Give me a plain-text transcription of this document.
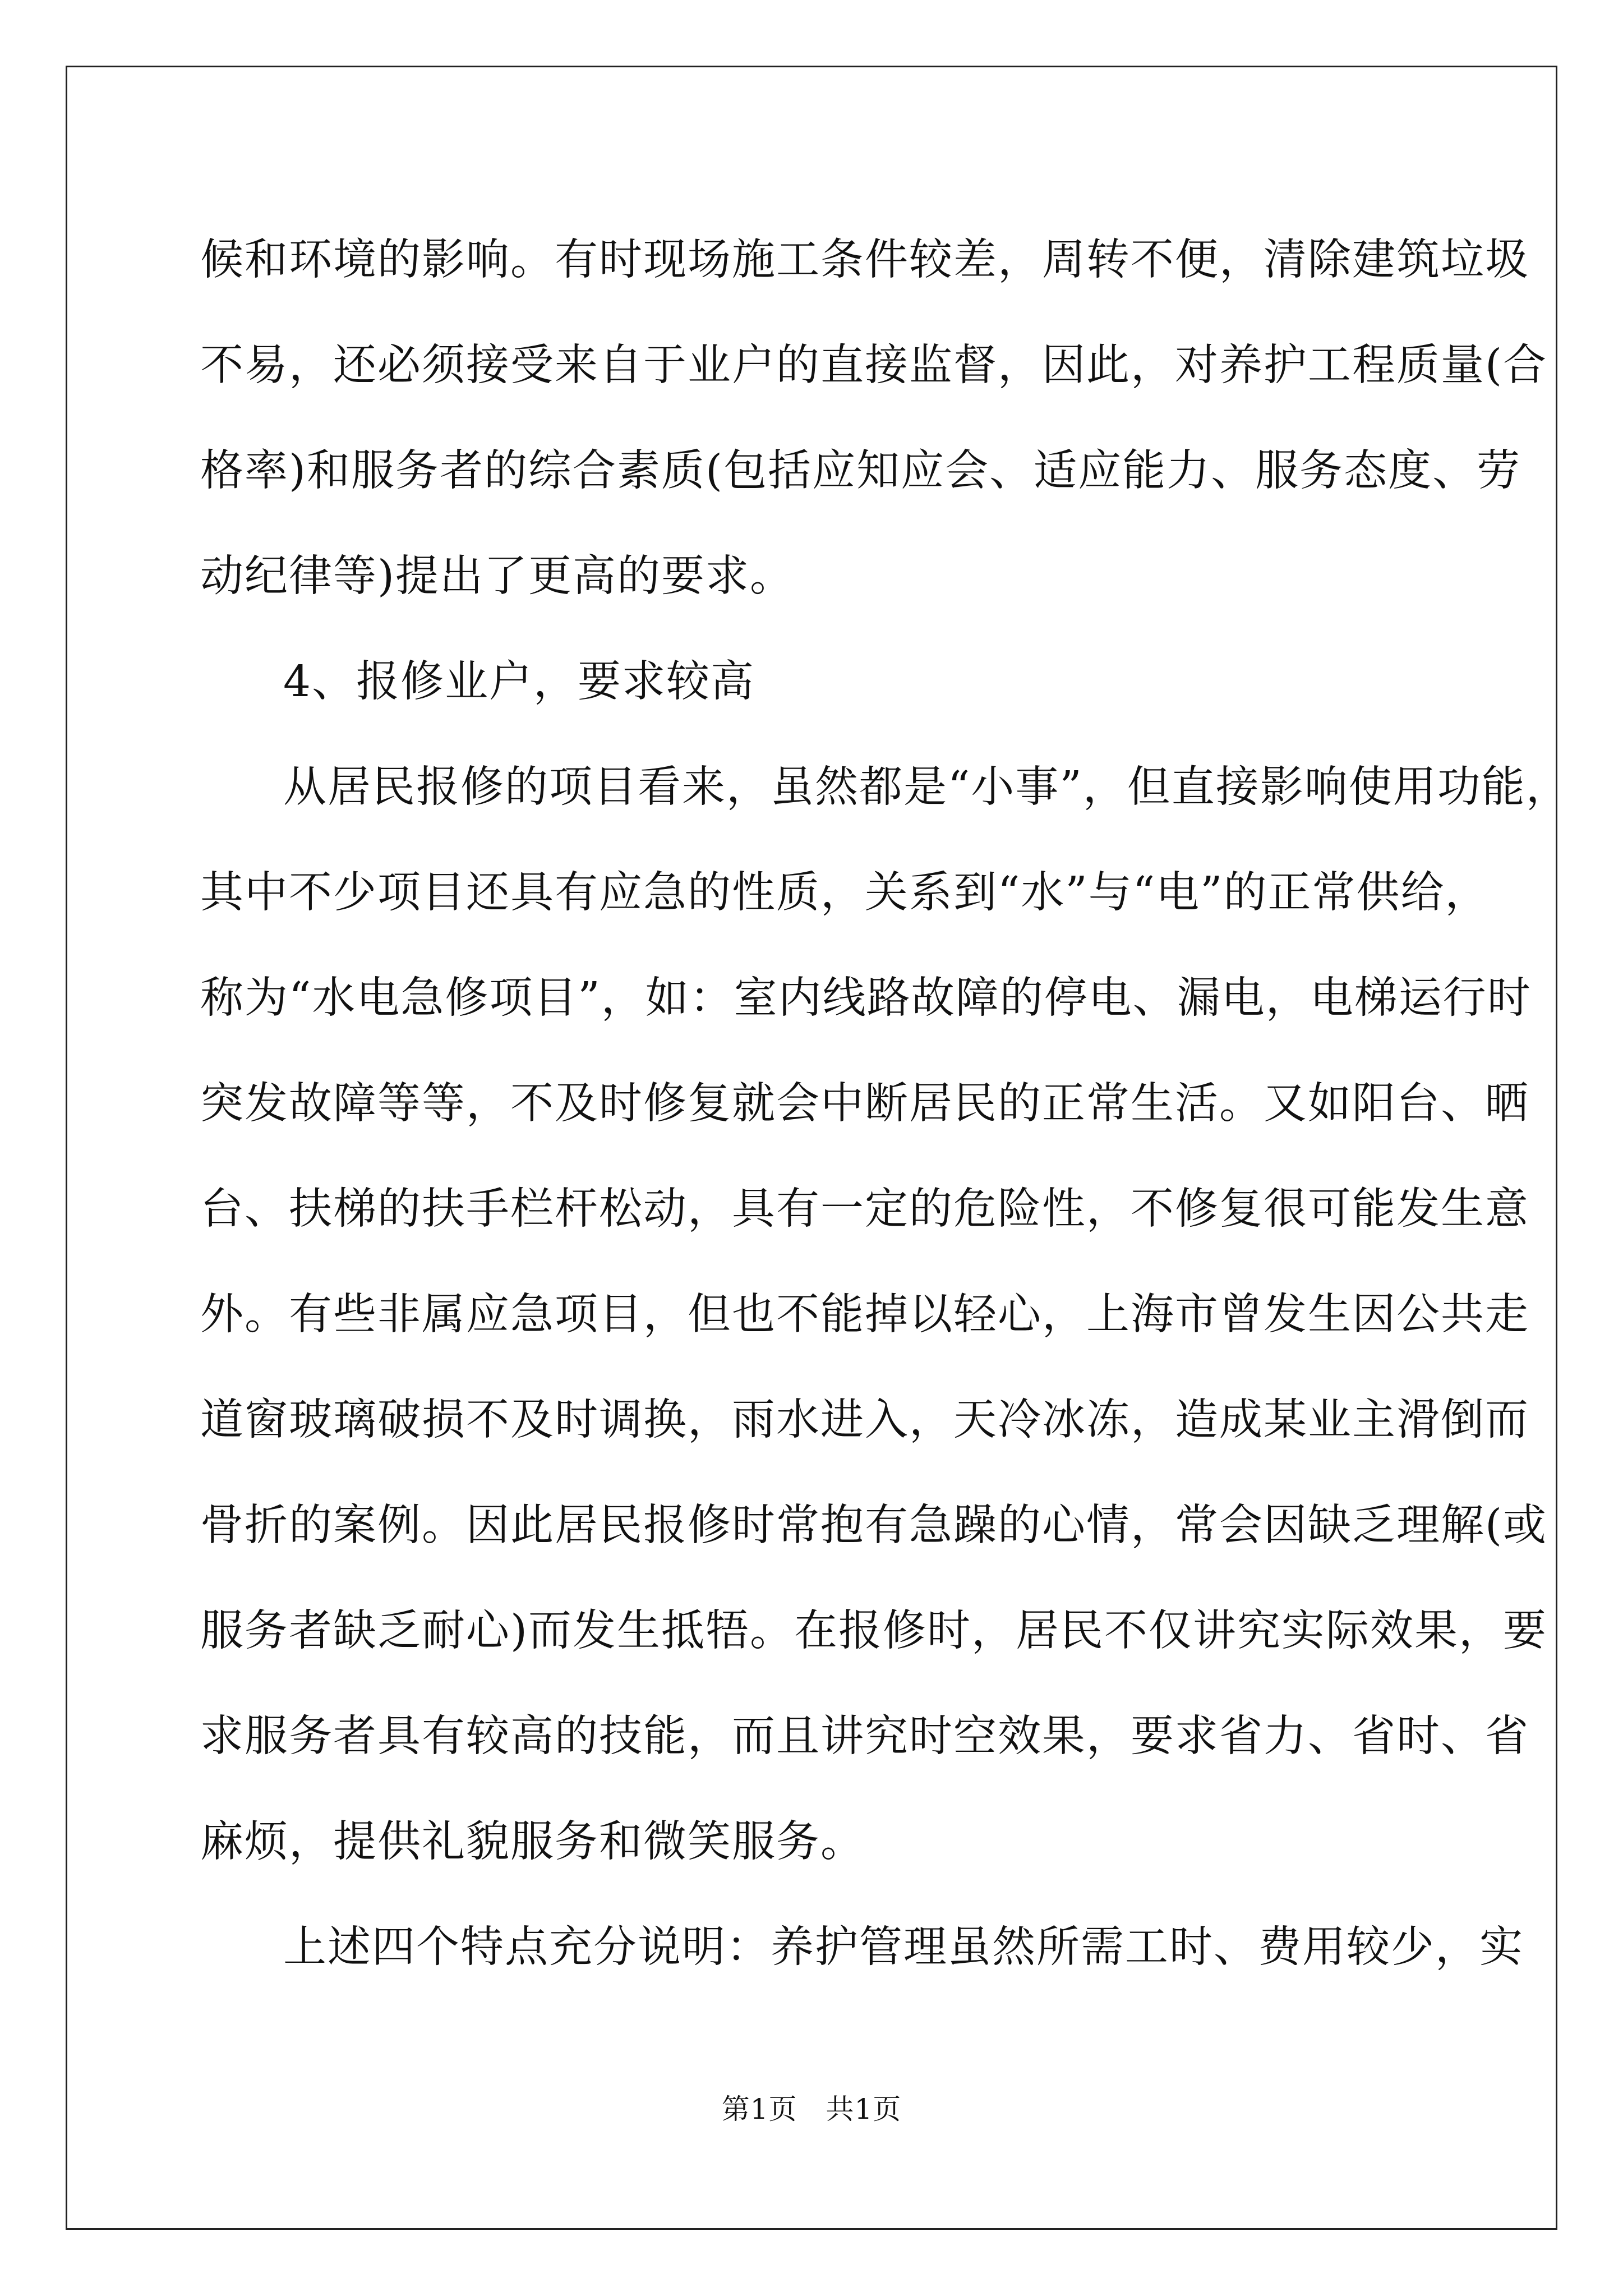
候和环境的影响。有时现场施工条件较差，周转不便，清除建筑垃圾
不易，还必须接受来自于业户的直接监督，因此，对养护工程质量(合
格率)和服务者的综合素质(包括应知应会、适应能力、服务态度、劳
动纪律等)提出了更高的要求。
4、报修业户，要求较高
从居民报修的项目看来，虽然都是“小事”，但直接影响使用功能，
其中不少项目还具有应急的性质，关系到“水”与“电”的正常供给，
称为“水电急修项目”，如：室内线路故障的停电、漏电，电梯运行时
突发故障等等，不及时修复就会中断居民的正常生活。又如阳台、晒
台、扶梯的扶手栏杆松动，具有一定的危险性，不修复很可能发生意
外。有些非属应急项目，但也不能掉以轻心，上海市曾发生因公共走
道窗玻璃破损不及时调换，雨水进入，天冷冰冻，造成某业主滑倒而
骨折的案例。因此居民报修时常抱有急躁的心情，常会因缺乏理解(或
服务者缺乏耐心)而发生抵牾。在报修时，居民不仅讲究实际效果，要
求服务者具有较高的技能，而且讲究时空效果，要求省力、省时、省
麻烦，提供礼貌服务和微笑服务。
上述四个特点充分说明：养护管理虽然所需工时、费用较少，实
第1页　共1页
